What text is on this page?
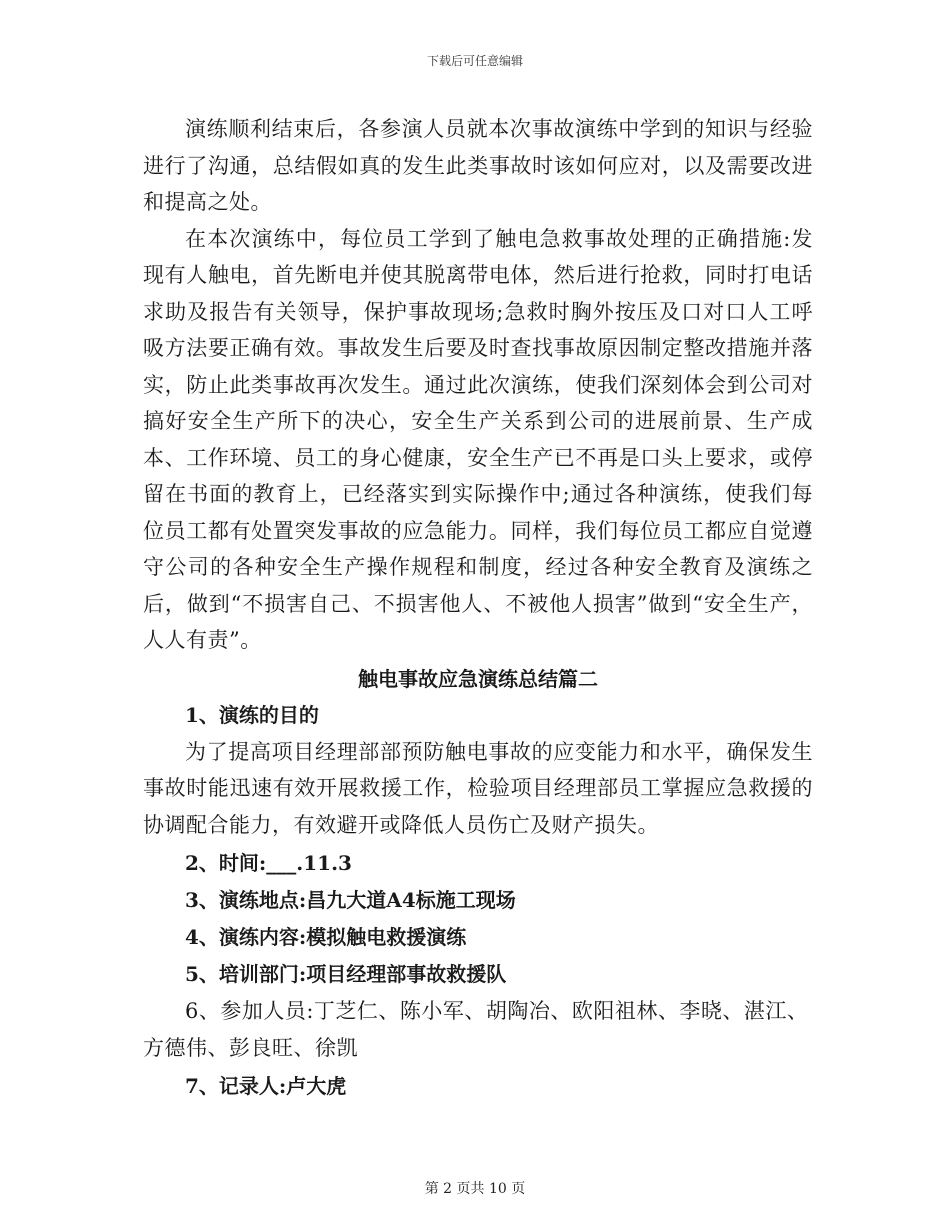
下载后可任意编辑

演练顺利结束后，各参演人员就本次事故演练中学到的知识与经验进行了沟通，总结假如真的发生此类事故时该如何应对，以及需要改进和提高之处。

在本次演练中，每位员工学到了触电急救事故处理的正确措施:发现有人触电，首先断电并使其脱离带电体，然后进行抢救，同时打电话求助及报告有关领导，保护事故现场;急救时胸外按压及口对口人工呼吸方法要正确有效。事故发生后要及时查找事故原因制定整改措施并落实，防止此类事故再次发生。通过此次演练，使我们深刻体会到公司对搞好安全生产所下的决心，安全生产关系到公司的进展前景、生产成本、工作环境、员工的身心健康，安全生产已不再是口头上要求，或停留在书面的教育上，已经落实到实际操作中;通过各种演练，使我们每位员工都有处置突发事故的应急能力。同样，我们每位员工都应自觉遵守公司的各种安全生产操作规程和制度，经过各种安全教育及演练之后，做到“不损害自己、不损害他人、不被他人损害”做到“安全生产，人人有责”。

触电事故应急演练总结篇二

1、演练的目的

为了提高项目经理部部预防触电事故的应变能力和水平，确保发生事故时能迅速有效开展救援工作，检验项目经理部员工掌握应急救援的协调配合能力，有效避开或降低人员伤亡及财产损失。

2、时间:___.11.3

3、演练地点:昌九大道A4标施工现场

4、演练内容:模拟触电救援演练

5、培训部门:项目经理部事故救援队

6、参加人员:丁芝仁、陈小军、胡陶冶、欧阳祖林、李晓、湛江、方德伟、彭良旺、徐凯

7、记录人:卢大虎

第 2 页共 10 页
